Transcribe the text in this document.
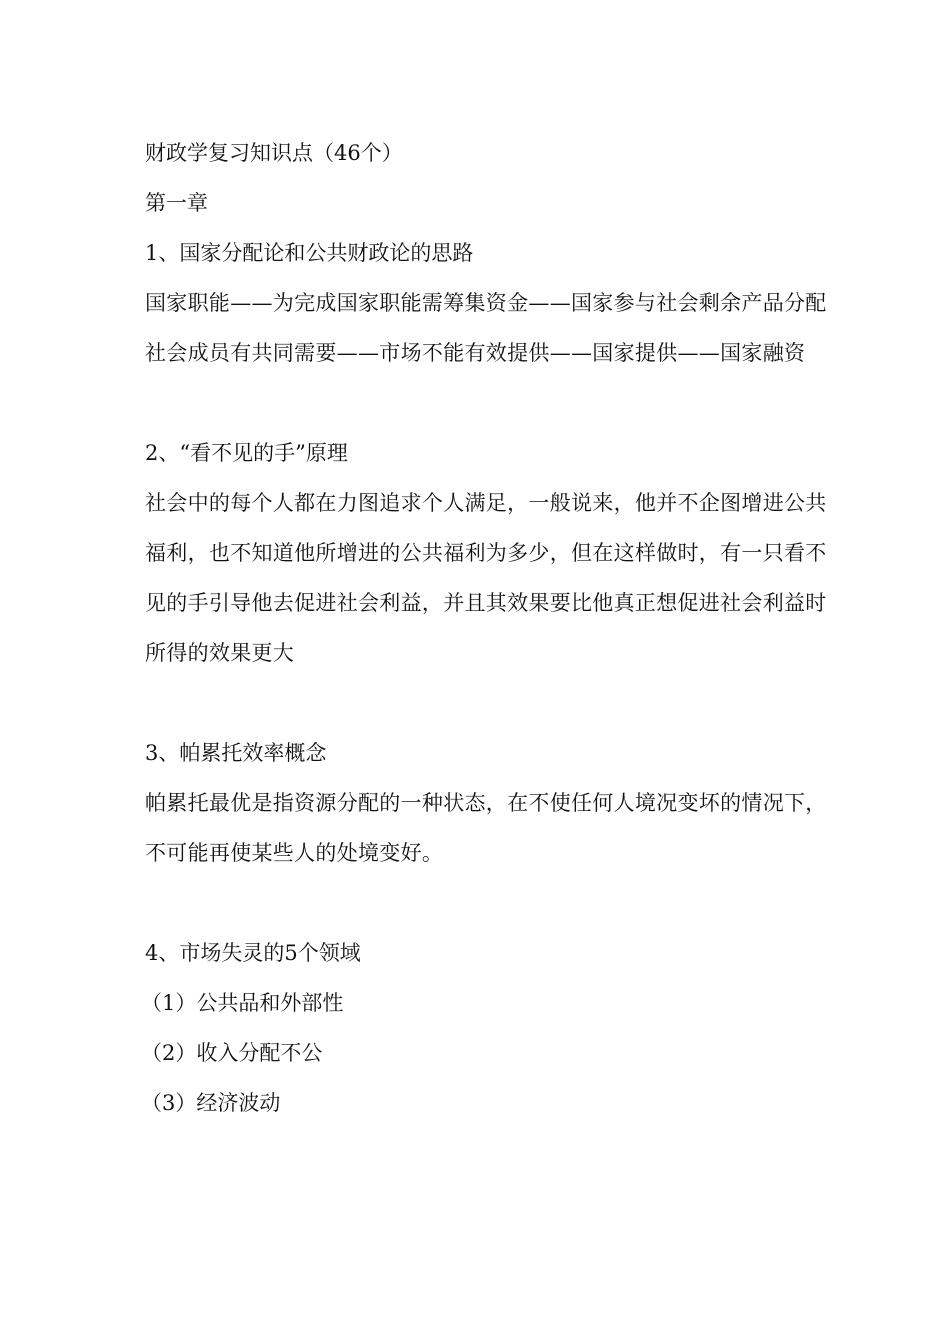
财政学复习知识点（46个）

第一章

1、国家分配论和公共财政论的思路

国家职能——为完成国家职能需筹集资金——国家参与社会剩余产品分配

社会成员有共同需要——市场不能有效提供——国家提供——国家融资

2、“看不见的手”原理

社会中的每个人都在力图追求个人满足，一般说来，他并不企图增进公共福利，也不知道他所增进的公共福利为多少，但在这样做时，有一只看不见的手引导他去促进社会利益，并且其效果要比他真正想促进社会利益时所得的效果更大

3、帕累托效率概念

帕累托最优是指资源分配的一种状态，在不使任何人境况变坏的情况下，不可能再使某些人的处境变好。

4、市场失灵的5个领域

（1）公共品和外部性

（2）收入分配不公

（3）经济波动
